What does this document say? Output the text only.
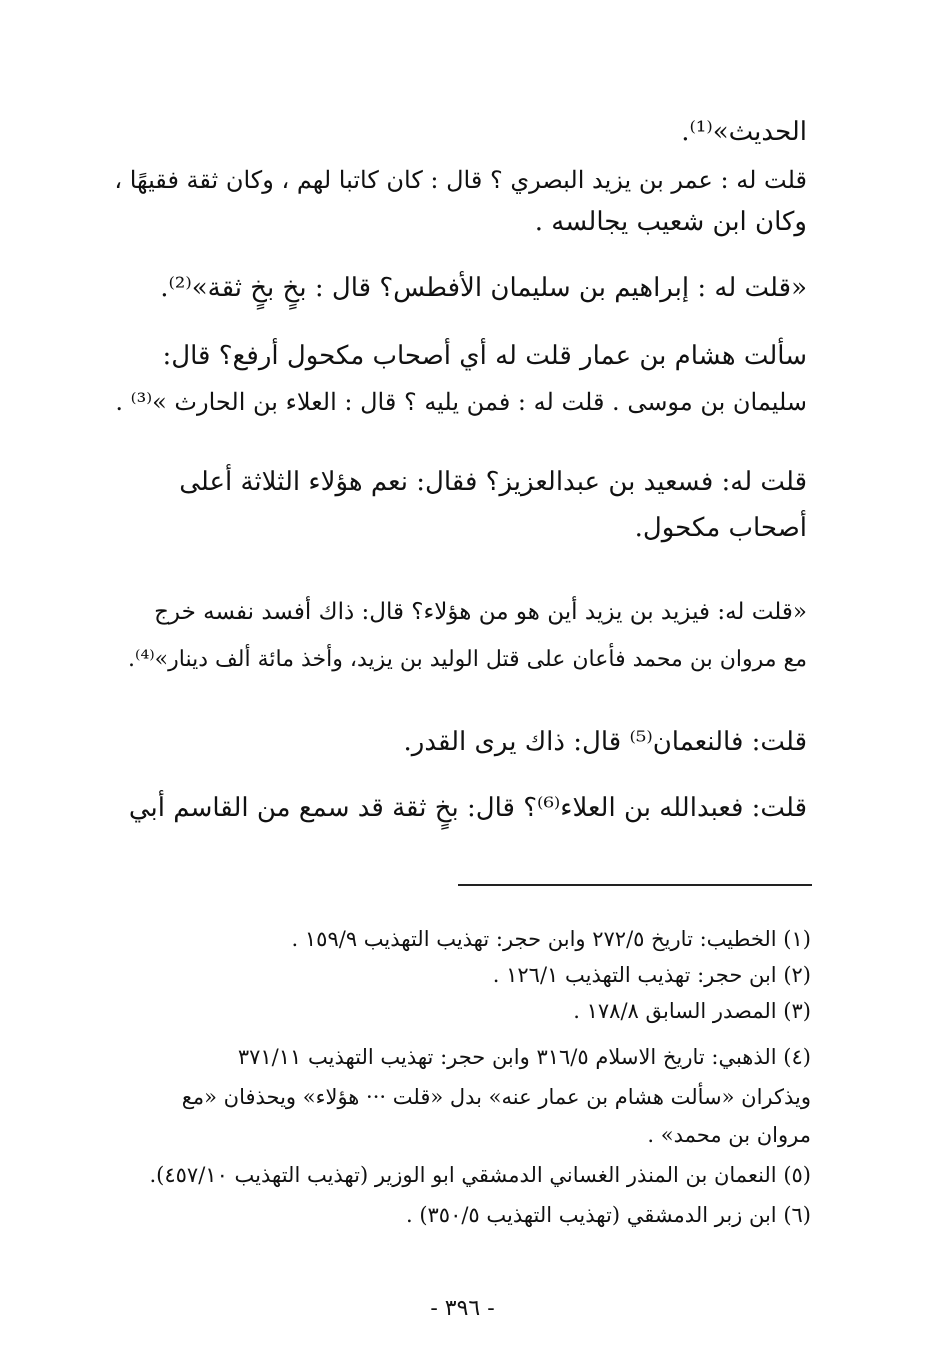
الحديث»⁽¹⁾.
قلت له : عمر بن يزيد البصري ؟ قال : كان كاتبا لهم ، وكان ثقة فقيهًا ،
وكان ابن شعيب يجالسه .
«قلت له : إبراهيم بن سليمان الأفطس؟ قال : بخٍ بخٍ ثقة»⁽²⁾.
سألت هشام بن عمار قلت له أي أصحاب مكحول أرفع؟ قال:
سليمان بن موسى . قلت له : فمن يليه ؟ قال : العلاء بن الحارث »⁽³⁾ .
قلت له: فسعيد بن عبدالعزيز؟ فقال: نعم هؤلاء الثلاثة أعلى
أصحاب مكحول.
«قلت له: فيزيد بن يزيد أين هو من هؤلاء؟ قال: ذاك أفسد نفسه خرج
مع مروان بن محمد فأعان على قتل الوليد بن يزيد، وأخذ مائة ألف دينار»⁽⁴⁾.
قلت: فالنعمان⁽⁵⁾ قال: ذاك يرى القدر.
قلت: فعبدالله بن العلاء⁽⁶⁾؟ قال: بخٍ ثقة قد سمع من القاسم أبي
(١) الخطيب: تاريخ ٢٧٢/٥ وابن حجر: تهذيب التهذيب ١٥٩/٩ .
(٢) ابن حجر: تهذيب التهذيب ١٢٦/١ .
(٣) المصدر السابق ١٧٨/٨ .
(٤) الذهبي: تاريخ الاسلام ٣١٦/٥ وابن حجر: تهذيب التهذيب ٣٧١/١١
ويذكران «سألت هشام بن عمار عنه» بدل «قلت ··· هؤلاء» ويحذفان «مع
مروان بن محمد» .
(٥) النعمان بن المنذر الغساني الدمشقي ابو الوزير (تهذيب التهذيب ٤٥٧/١٠).
(٦) ابن زبر الدمشقي (تهذيب التهذيب ٣٥٠/٥) .
- ٣٩٦ -
